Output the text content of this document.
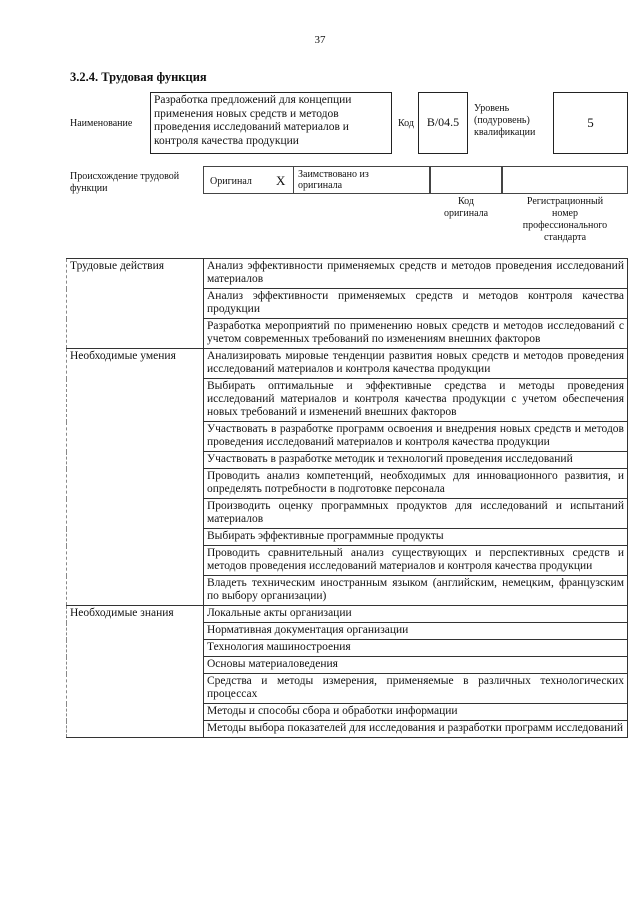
37
3.2.4. Трудовая функция
Наименование
Разработка предложений для концепции применения новых средств и методов проведения исследований материалов и контроля качества продукции
Код	B/04.5
Уровень
(подуровень)
квалификации
5
Происхождение трудовой
функции
Оригинал X Заимствовано из
оригинала
Код
оригинала
Регистрационный
номер
профессионального
стандарта
Трудовые действия	Анализ эффективности применяемых средств и методов проведения исследований материалов
	Анализ эффективности применяемых средств и методов контроля качества продукции
	Разработка мероприятий по применению новых средств и методов исследований с учетом современных требований по изменениям внешних факторов
Необходимые умения	Анализировать мировые тенденции развития новых средств и методов проведения исследований материалов и контроля качества продукции
	Выбирать оптимальные и эффективные средства и методы проведения исследований материалов и контроля качества продукции с учетом обеспечения новых требований и изменений внешних факторов
	Участвовать в разработке программ освоения и внедрения новых средств и методов проведения исследований материалов и контроля качества продукции
	Участвовать в разработке методик и технологий проведения исследований
	Проводить анализ компетенций, необходимых для инновационного развития, и определять потребности в подготовке персонала
	Производить оценку программных продуктов для исследований и испытаний материалов
	Выбирать эффективные программные продукты
	Проводить сравнительный анализ существующих и перспективных средств и методов проведения исследований материалов и контроля качества продукции
	Владеть техническим иностранным языком (английским, немецким, французским по выбору организации)
Необходимые знания	Локальные акты организации
	Нормативная документация организации
	Технология машиностроения
	Основы материаловедения
	Средства и методы измерения, применяемые в различных технологических процессах
	Методы и способы сбора и обработки информации
	Методы выбора показателей для исследования и разработки программ исследований
